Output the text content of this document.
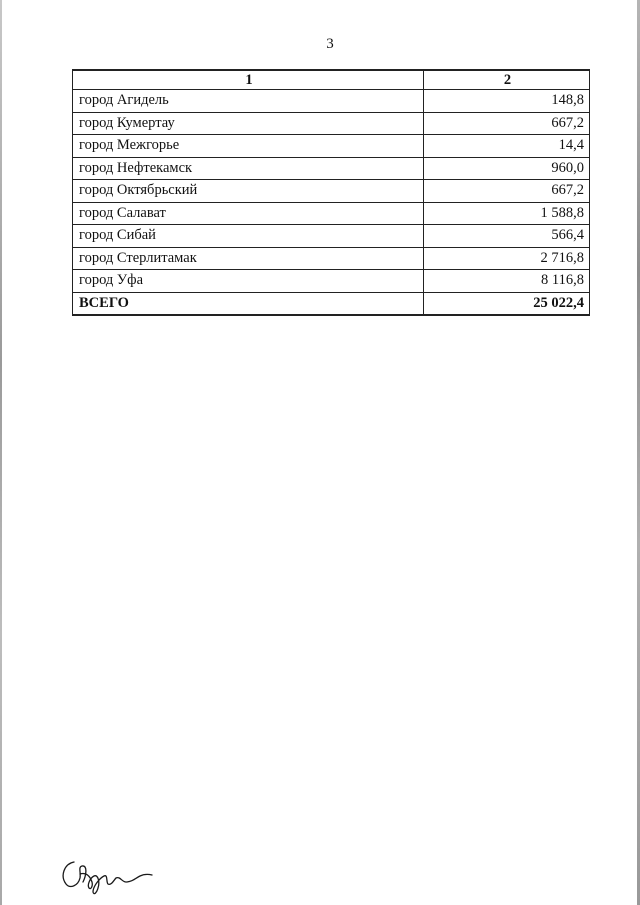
3
1	2
город Агидель	148,8
город Кумертау	667,2
город Межгорье	14,4
город Нефтекамск	960,0
город Октябрьский	667,2
город Салават	1 588,8
город Сибай	566,4
город Стерлитамак	2 716,8
город Уфа	8 116,8
ВСЕГО	25 022,4
